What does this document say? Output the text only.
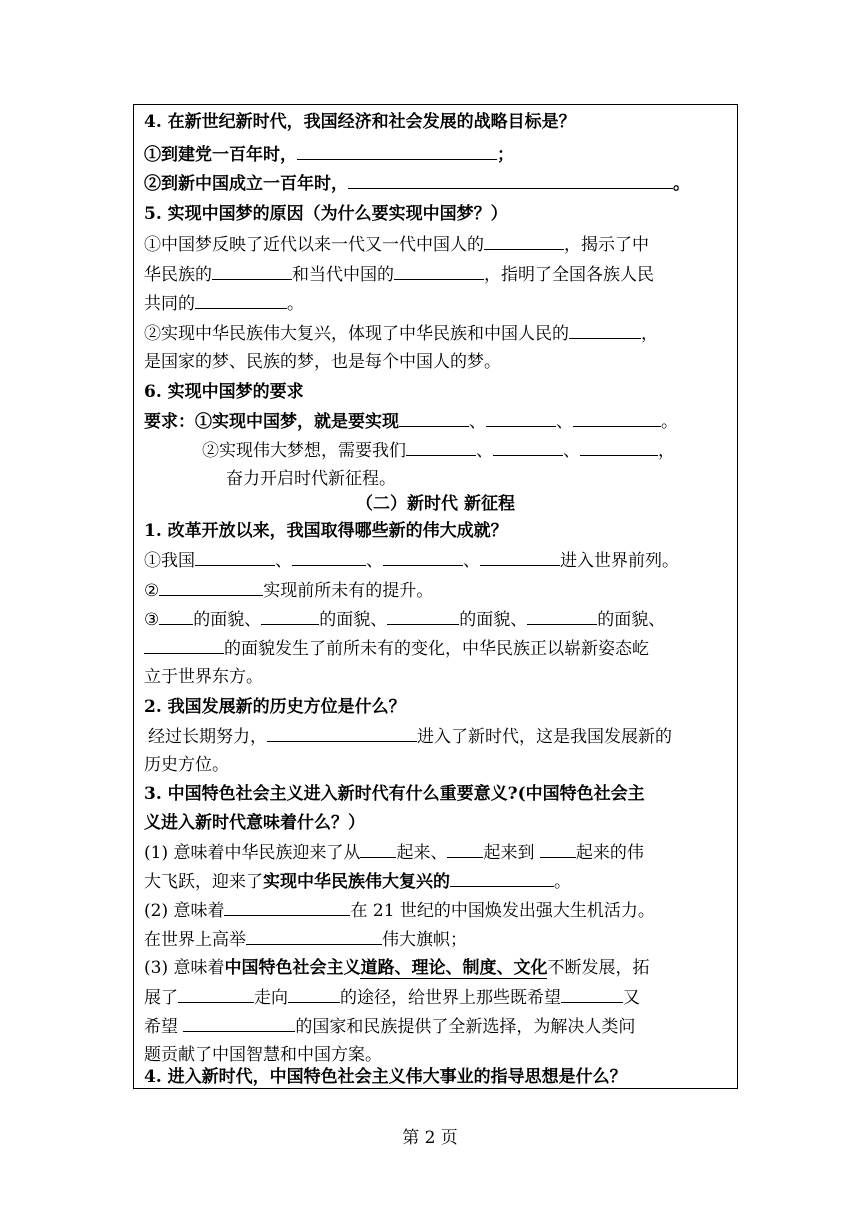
4. 在新世纪新时代，我国经济和社会发展的战略目标是？
①到建党一百年时，	；
②到新中国成立一百年时，	。
5. 实现中国梦的原因（为什么要实现中国梦？）
①中国梦反映了近代以来一代又一代中国人的	，揭示了中
华民族的	和当代中国的	，指明了全国各族人民
共同的	。
②实现中华民族伟大复兴，体现了中华民族和中国人民的	，
是国家的梦、民族的梦，也是每个中国人的梦。
6. 实现中国梦的要求
要求：①实现中国梦，就是要实现	、	、	。
②实现伟大梦想，需要我们	、	、	，
奋力开启时代新征程。
（二）新时代 新征程
1. 改革开放以来，我国取得哪些新的伟大成就？
①我国	、	、	、	进入世界前列。
②	实现前所未有的提升。
③ 的面貌、	的面貌、	的面貌、	的面貌、
的面貌发生了前所未有的变化，中华民族正以崭新姿态屹
立于世界东方。
2. 我国发展新的历史方位是什么？
经过长期努力，	进入了新时代，这是我国发展新的
历史方位。
3. 中国特色社会主义进入新时代有什么重要意义?(中国特色社会主
义进入新时代意味着什么？）
(1) 意味着中华民族迎来了从 起来、 起来到 起来的伟
大飞跃，迎来了实现中华民族伟大复兴的	。
(2) 意味着	在 21 世纪的中国焕发出强大生机活力。
在世界上高举	伟大旗帜；
(3) 意味着中国特色社会主义道路、理论、制度、文化不断发展，拓
展了	走向	的途径，给世界上那些既希望	又
希望	的国家和民族提供了全新选择，为解决人类问
题贡献了中国智慧和中国方案。
4. 进入新时代，中国特色社会主义伟大事业的指导思想是什么？
第 2 页
